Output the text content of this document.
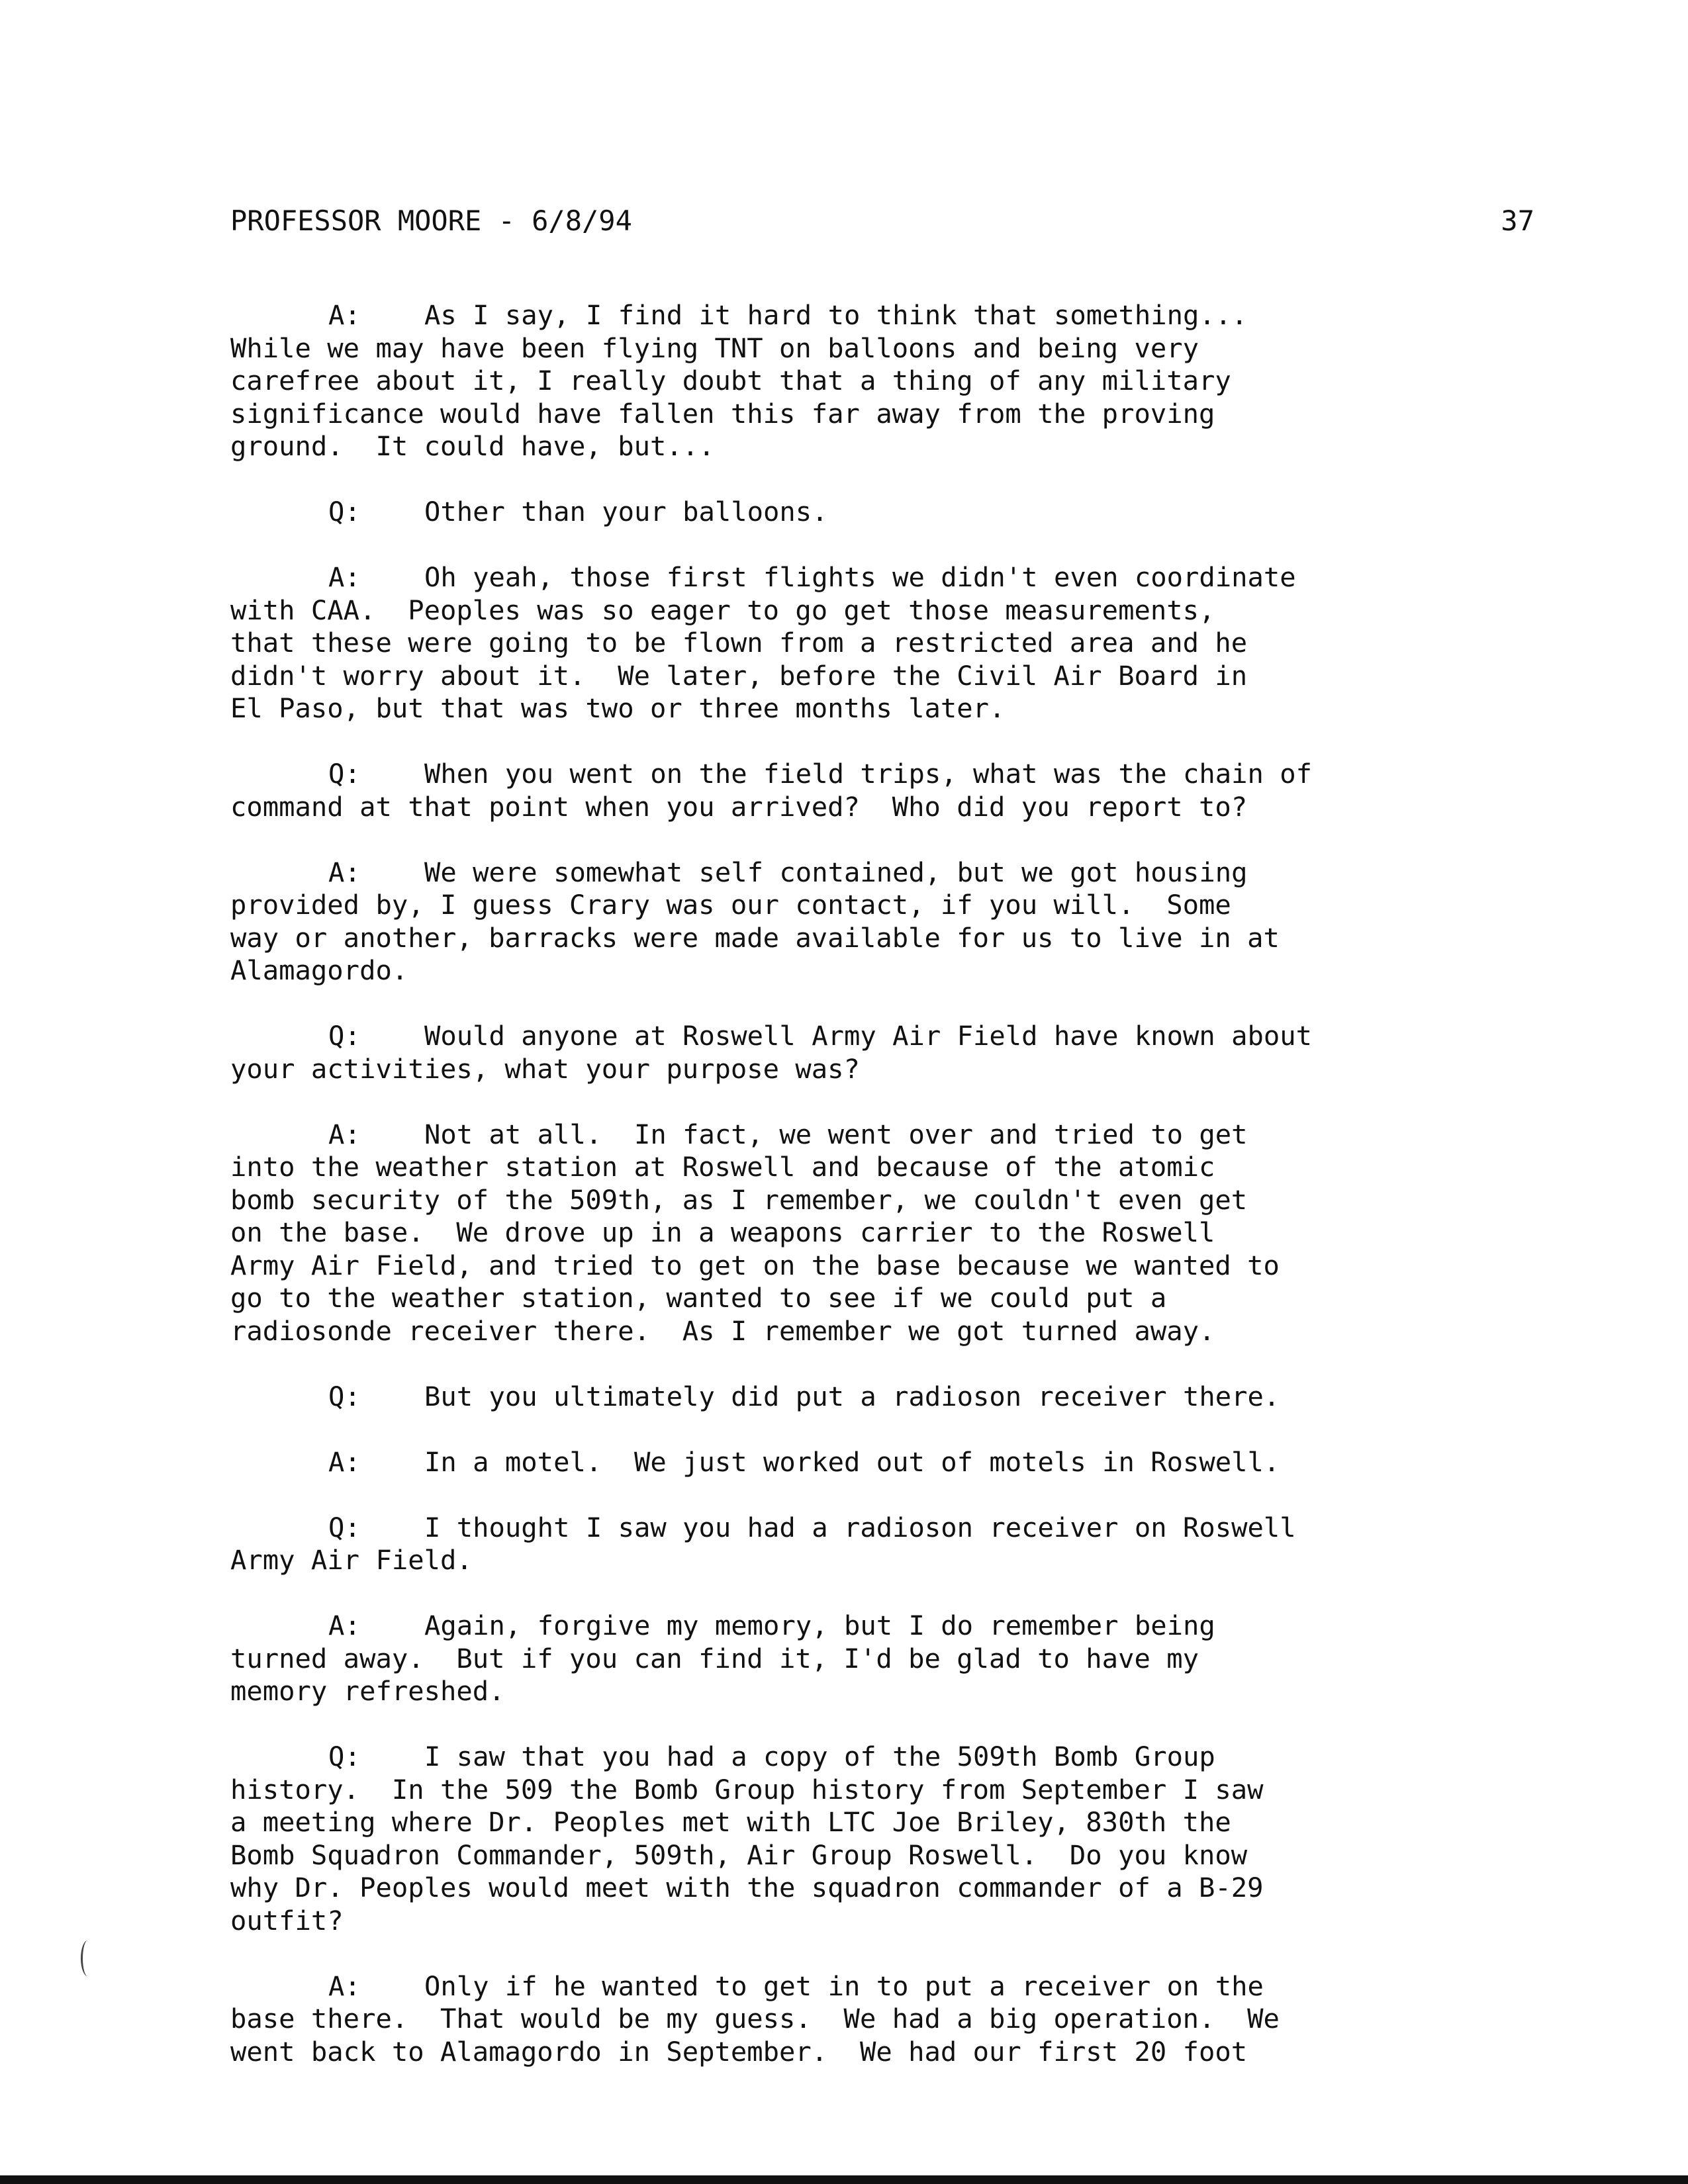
PROFESSOR MOORE - 6/8/94	37
A: As I say, I find it hard to think that something...
While we may have been flying TNT on balloons and being very
carefree about it, I really doubt that a thing of any military
significance would have fallen this far away from the proving
ground.  It could have, but...
Q: Other than your balloons.
A: Oh yeah, those first flights we didn't even coordinate
with CAA.  Peoples was so eager to go get those measurements,
that these were going to be flown from a restricted area and he
didn't worry about it.  We later, before the Civil Air Board in
El Paso, but that was two or three months later.
Q: When you went on the field trips, what was the chain of
command at that point when you arrived?  Who did you report to?
A: We were somewhat self contained, but we got housing
provided by, I guess Crary was our contact, if you will.  Some
way or another, barracks were made available for us to live in at
Alamagordo.
Q: Would anyone at Roswell Army Air Field have known about
your activities, what your purpose was?
A: Not at all.  In fact, we went over and tried to get
into the weather station at Roswell and because of the atomic
bomb security of the 509th, as I remember, we couldn't even get
on the base.  We drove up in a weapons carrier to the Roswell
Army Air Field, and tried to get on the base because we wanted to
go to the weather station, wanted to see if we could put a
radiosonde receiver there.  As I remember we got turned away.
Q: But you ultimately did put a radioson receiver there.
A: In a motel.  We just worked out of motels in Roswell.
Q: I thought I saw you had a radioson receiver on Roswell
Army Air Field.
A: Again, forgive my memory, but I do remember being
turned away.  But if you can find it, I'd be glad to have my
memory refreshed.
Q: I saw that you had a copy of the 509th Bomb Group
history.  In the 509 the Bomb Group history from September I saw
a meeting where Dr. Peoples met with LTC Joe Briley, 830th the
Bomb Squadron Commander, 509th, Air Group Roswell.  Do you know
why Dr. Peoples would meet with the squadron commander of a B-29
outfit?
A: Only if he wanted to get in to put a receiver on the
base there.  That would be my guess.  We had a big operation.  We
went back to Alamagordo in September.  We had our first 20 foot
